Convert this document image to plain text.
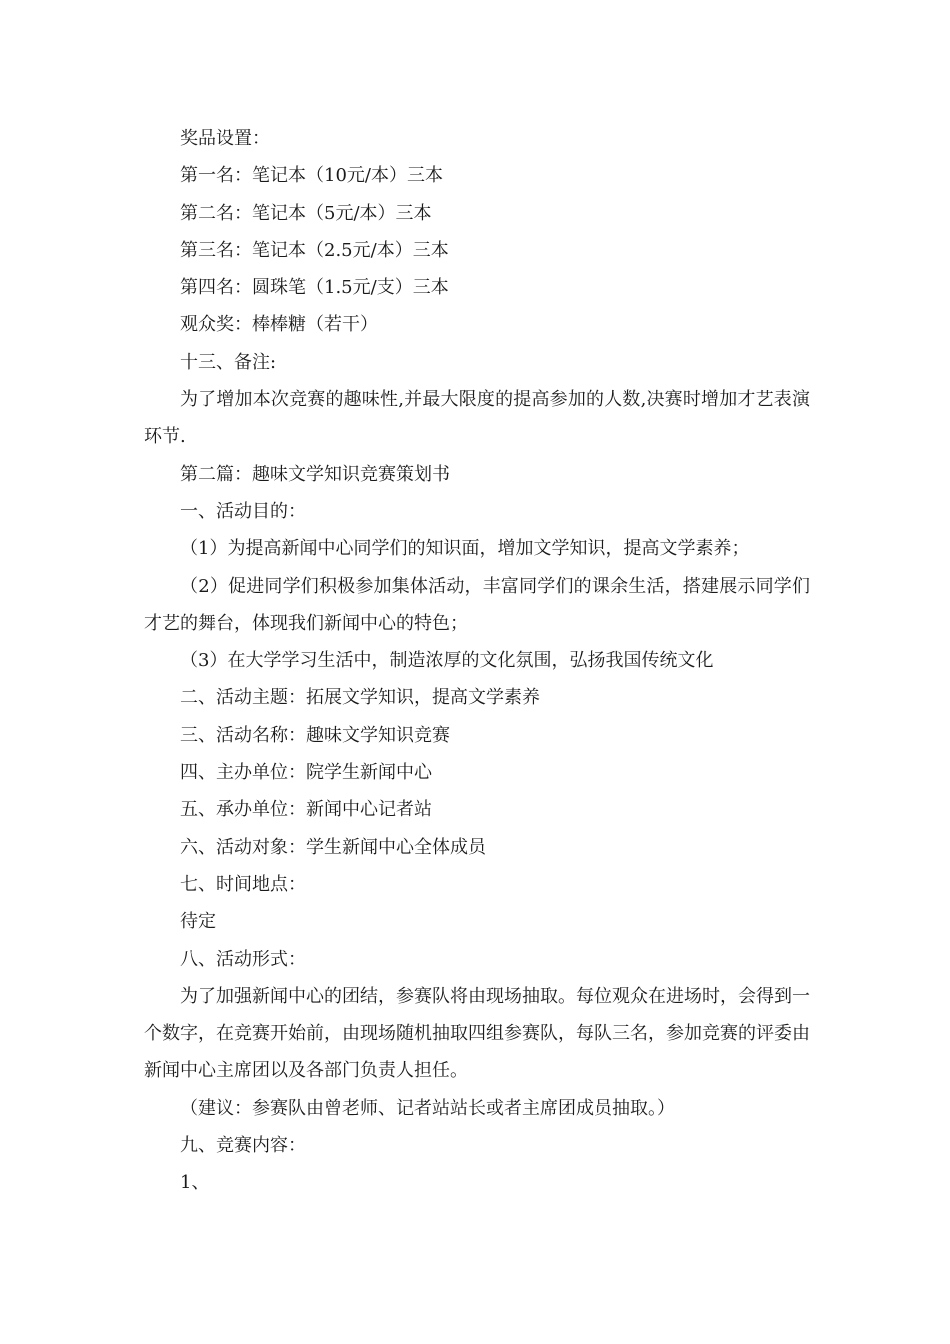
奖品设置：

第一名：笔记本（10元/本）三本

第二名：笔记本（5元/本）三本

第三名：笔记本（2.5元/本）三本

第四名：圆珠笔（1.5元/支）三本

观众奖：棒棒糖（若干）

十三、备注:

为了增加本次竞赛的趣味性,并最大限度的提高参加的人数,决赛时增加才艺表演环节.

第二篇：趣味文学知识竞赛策划书

一、活动目的：

（1）为提高新闻中心同学们的知识面，增加文学知识，提高文学素养；

（2）促进同学们积极参加集体活动，丰富同学们的课余生活，搭建展示同学们才艺的舞台，体现我们新闻中心的特色；

（3）在大学学习生活中，制造浓厚的文化氛围，弘扬我国传统文化

二、活动主题：拓展文学知识，提高文学素养

三、活动名称：趣味文学知识竞赛

四、主办单位：院学生新闻中心

五、承办单位：新闻中心记者站

六、活动对象：学生新闻中心全体成员

七、时间地点：

待定

八、活动形式：

为了加强新闻中心的团结，参赛队将由现场抽取。每位观众在进场时，会得到一个数字，在竞赛开始前，由现场随机抽取四组参赛队，每队三名，参加竞赛的评委由新闻中心主席团以及各部门负责人担任。

（建议：参赛队由曾老师、记者站站长或者主席团成员抽取。）

九、竞赛内容：

1、
